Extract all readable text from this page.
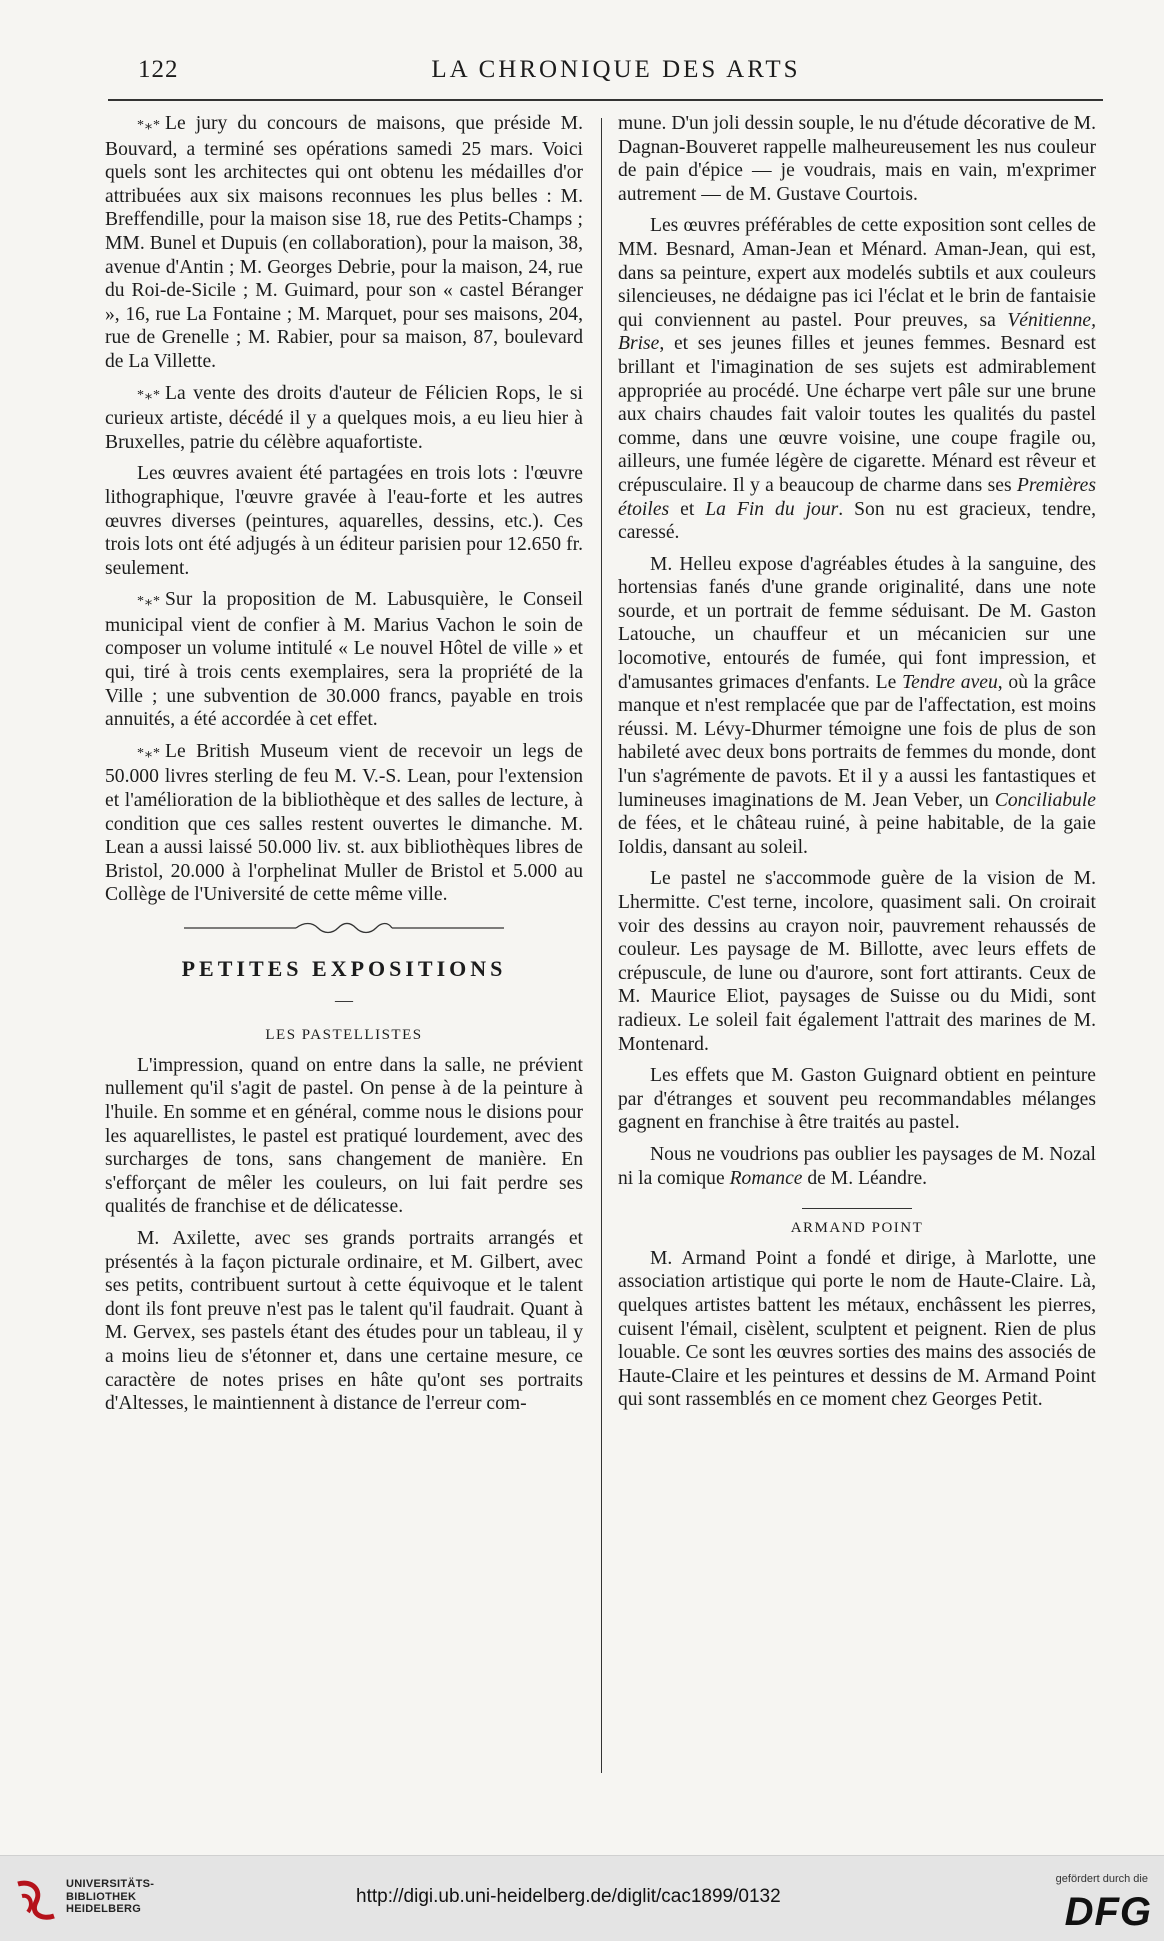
122	LA CHRONIQUE DES ARTS

*⁎* Le jury du concours de maisons, que préside M. Bouvard, a terminé ses opérations samedi 25 mars. Voici quels sont les architectes qui ont obtenu les médailles d'or attribuées aux six maisons reconnues les plus belles : M. Breffendille, pour la maison sise 18, rue des Petits-Champs ; MM. Bunel et Dupuis (en collaboration), pour la maison, 38, avenue d'Antin ; M. Georges Debrie, pour la maison, 24, rue du Roi-de-Sicile ; M. Guimard, pour son « castel Béranger », 16, rue La Fontaine ; M. Marquet, pour ses maisons, 204, rue de Grenelle ; M. Rabier, pour sa maison, 87, boulevard de La Villette.

*⁎* La vente des droits d'auteur de Félicien Rops, le si curieux artiste, décédé il y a quelques mois, a eu lieu hier à Bruxelles, patrie du célèbre aquafortiste.

Les œuvres avaient été partagées en trois lots : l'œuvre lithographique, l'œuvre gravée à l'eau-forte et les autres œuvres diverses (peintures, aquarelles, dessins, etc.). Ces trois lots ont été adjugés à un éditeur parisien pour 12.650 fr. seulement.

*⁎* Sur la proposition de M. Labusquière, le Conseil municipal vient de confier à M. Marius Vachon le soin de composer un volume intitulé « Le nouvel Hôtel de ville » et qui, tiré à trois cents exemplaires, sera la propriété de la Ville ; une subvention de 30.000 francs, payable en trois annuités, a été accordée à cet effet.

*⁎* Le British Museum vient de recevoir un legs de 50.000 livres sterling de feu M. V.-S. Lean, pour l'extension et l'amélioration de la bibliothèque et des salles de lecture, à condition que ces salles restent ouvertes le dimanche. M. Lean a aussi laissé 50.000 liv. st. aux bibliothèques libres de Bristol, 20.000 à l'orphelinat Muller de Bristol et 5.000 au Collège de l'Université de cette même ville.

PETITES EXPOSITIONS
—
LES PASTELLISTES

L'impression, quand on entre dans la salle, ne prévient nullement qu'il s'agit de pastel. On pense à de la peinture à l'huile. En somme et en général, comme nous le disions pour les aquarellistes, le pastel est pratiqué lourdement, avec des surcharges de tons, sans changement de manière. En s'efforçant de mêler les couleurs, on lui fait perdre ses qualités de franchise et de délicatesse.

M. Axilette, avec ses grands portraits arrangés et présentés à la façon picturale ordinaire, et M. Gilbert, avec ses petits, contribuent surtout à cette équivoque et le talent dont ils font preuve n'est pas le talent qu'il faudrait. Quant à M. Gervex, ses pastels étant des études pour un tableau, il y a moins lieu de s'étonner et, dans une certaine mesure, ce caractère de notes prises en hâte qu'ont ses portraits d'Altesses, le maintiennent à distance de l'erreur com-

mune. D'un joli dessin souple, le nu d'étude décorative de M. Dagnan-Bouveret rappelle malheureusement les nus couleur de pain d'épice — je voudrais, mais en vain, m'exprimer autrement — de M. Gustave Courtois.

Les œuvres préférables de cette exposition sont celles de MM. Besnard, Aman-Jean et Ménard. Aman-Jean, qui est, dans sa peinture, expert aux modelés subtils et aux couleurs silencieuses, ne dédaigne pas ici l'éclat et le brin de fantaisie qui conviennent au pastel. Pour preuves, sa Vénitienne, Brise, et ses jeunes filles et jeunes femmes. Besnard est brillant et l'imagination de ses sujets est admirablement appropriée au procédé. Une écharpe vert pâle sur une brune aux chairs chaudes fait valoir toutes les qualités du pastel comme, dans une œuvre voisine, une coupe fragile ou, ailleurs, une fumée légère de cigarette. Ménard est rêveur et crépusculaire. Il y a beaucoup de charme dans ses Premières étoiles et La Fin du jour. Son nu est gracieux, tendre, caressé.

M. Helleu expose d'agréables études à la sanguine, des hortensias fanés d'une grande originalité, dans une note sourde, et un portrait de femme séduisant. De M. Gaston Latouche, un chauffeur et un mécanicien sur une locomotive, entourés de fumée, qui font impression, et d'amusantes grimaces d'enfants. Le Tendre aveu, où la grâce manque et n'est remplacée que par de l'affectation, est moins réussi. M. Lévy-Dhurmer témoigne une fois de plus de son habileté avec deux bons portraits de femmes du monde, dont l'un s'agrémente de pavots. Et il y a aussi les fantastiques et lumineuses imaginations de M. Jean Veber, un Conciliabule de fées, et le château ruiné, à peine habitable, de la gaie Ioldis, dansant au soleil.

Le pastel ne s'accommode guère de la vision de M. Lhermitte. C'est terne, incolore, quasiment sali. On croirait voir des dessins au crayon noir, pauvrement rehaussés de couleur. Les paysage de M. Billotte, avec leurs effets de crépuscule, de lune ou d'aurore, sont fort attirants. Ceux de M. Maurice Eliot, paysages de Suisse ou du Midi, sont radieux. Le soleil fait également l'attrait des marines de M. Montenard.

Les effets que M. Gaston Guignard obtient en peinture par d'étranges et souvent peu recommandables mélanges gagnent en franchise à être traités au pastel.

Nous ne voudrions pas oublier les paysages de M. Nozal ni la comique Romance de M. Léandre.

ARMAND POINT

M. Armand Point a fondé et dirige, à Marlotte, une association artistique qui porte le nom de Haute-Claire. Là, quelques artistes battent les métaux, enchâssent les pierres, cuisent l'émail, cisèlent, sculptent et peignent. Rien de plus louable. Ce sont les œuvres sorties des mains des associés de Haute-Claire et les peintures et dessins de M. Armand Point qui sont rassemblés en ce moment chez Georges Petit.

UNIVERSITÄTS-
BIBLIOTHEK
HEIDELBERG
http://digi.ub.uni-heidelberg.de/diglit/cac1899/0132
gefördert durch die
DFG
